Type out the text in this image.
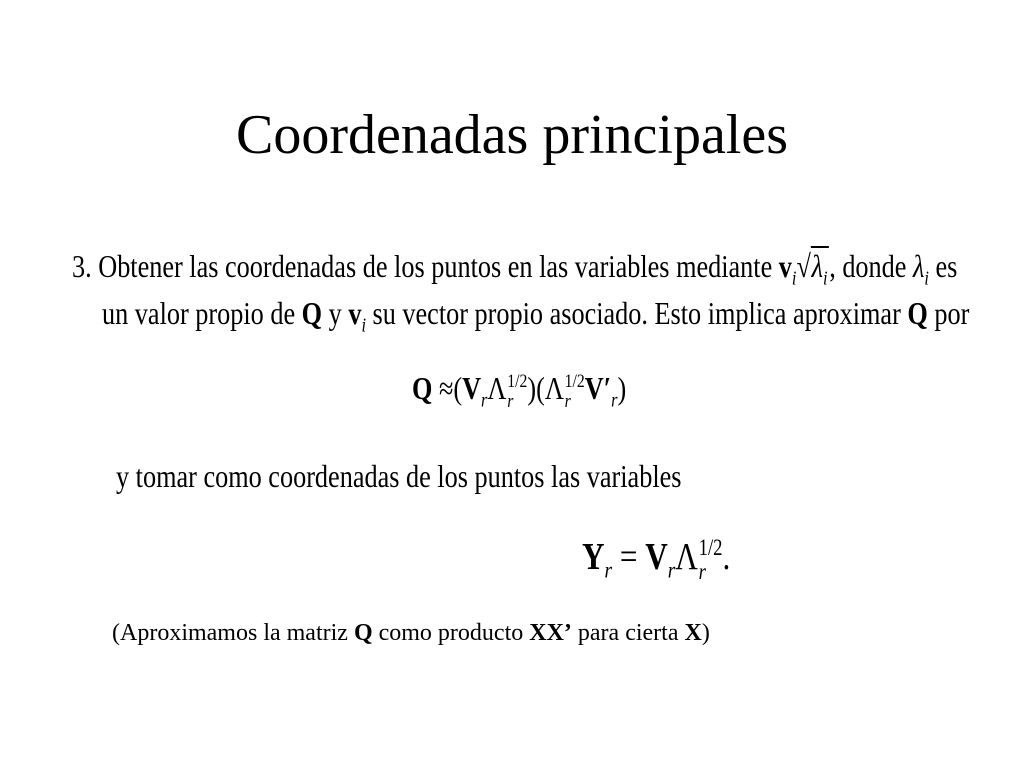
Coordenadas principales
3. Obtener las coordenadas de los puntos en las variables mediante $v_i√\lambda_i$, donde $\lambda_i$ es
un valor propio de Q y $v_i$ su vector propio asociado. Esto implica aproximar Q por
$Q \approx(V_r\Lambda$ 1/2
r )(Λ 1/2
r $V'_r$)
y tomar como coordenadas de los puntos las variables
$Y_r = V_r\Lambda$ 1/2
r .
(Aproximamos la matriz Q como producto XX’ para cierta X)
